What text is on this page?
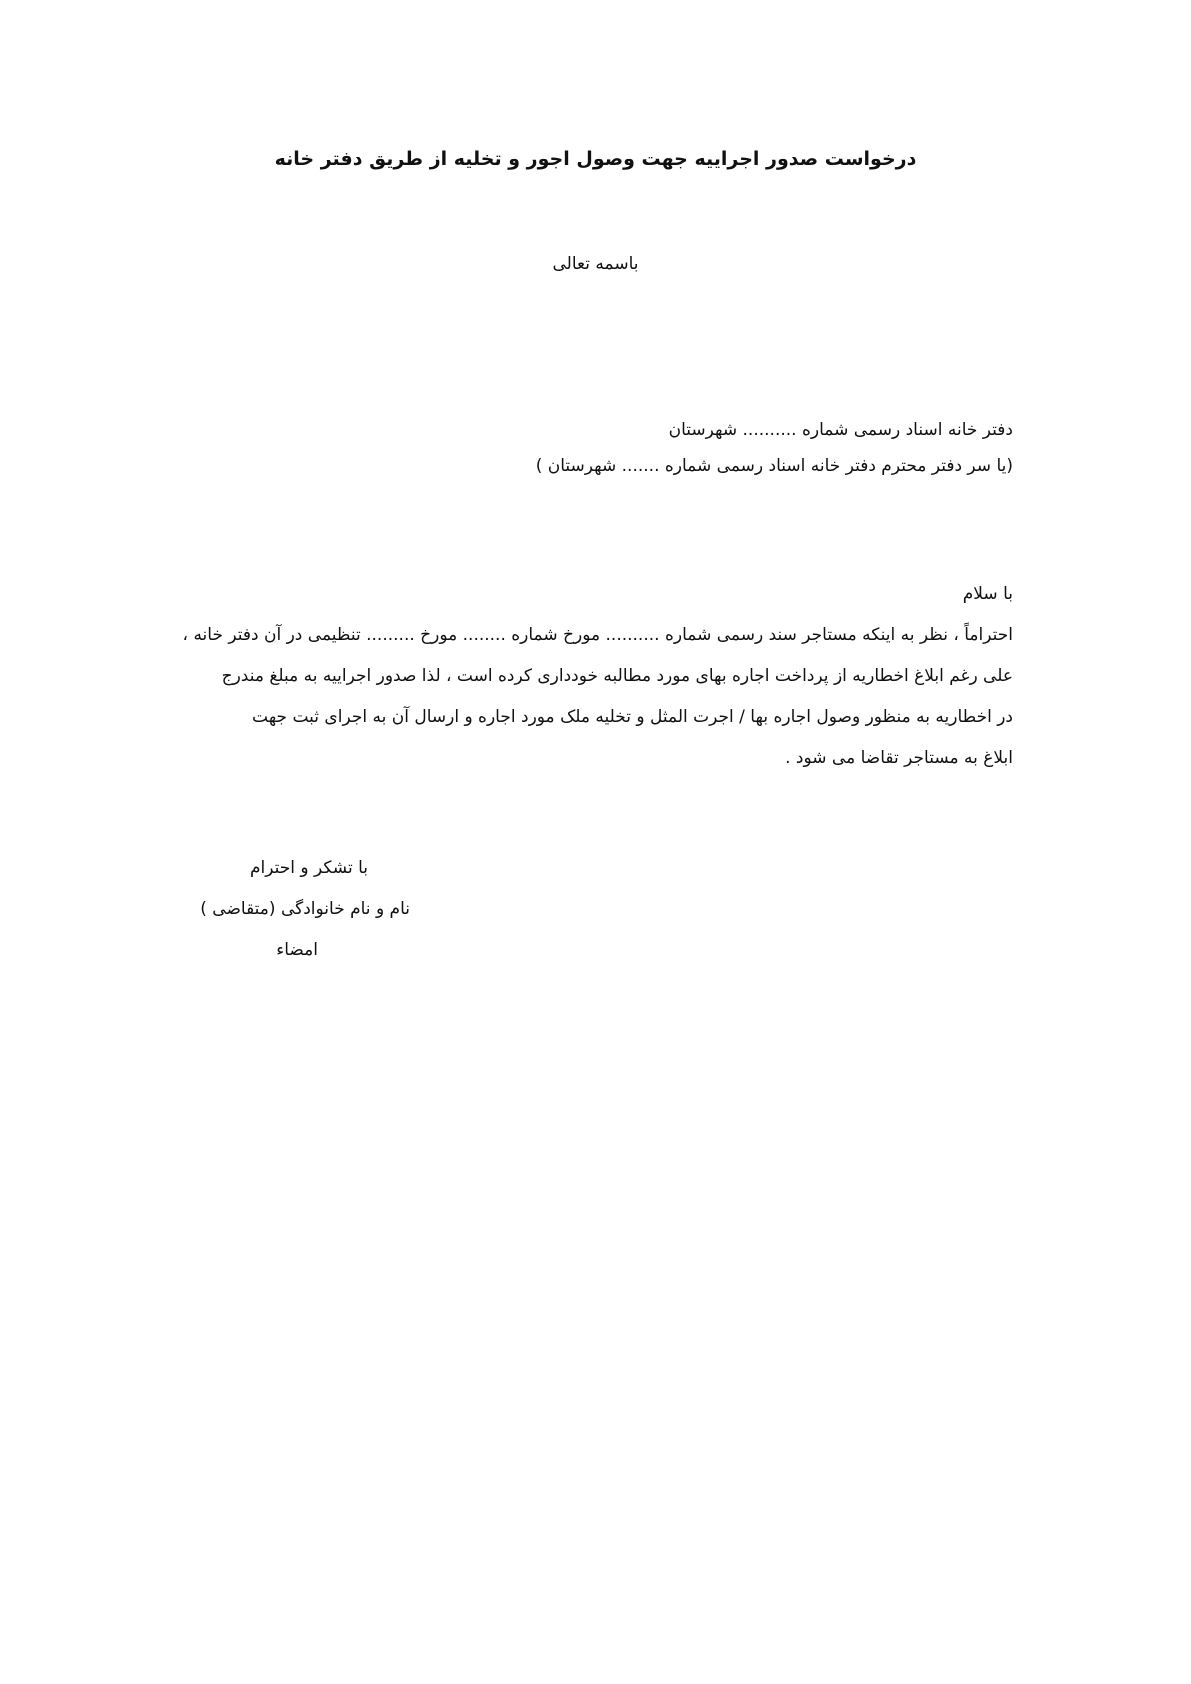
درخواست صدور اجراییه جهت وصول اجور و تخلیه از طریق دفتر خانه
باسمه تعالی
دفتر خانه اسناد رسمی شماره .......... شهرستان
(یا سر دفتر محترم دفتر خانه اسناد رسمی شماره ....... شهرستان )

با سلام

احتراماً ، نظر به اینکه مستاجر سند رسمی شماره .......... مورخ شماره ........ مورخ ......... تنظیمی در آن دفتر خانه ،

علی رغم ابلاغ اخطاریه از پرداخت اجاره بهای مورد مطالبه خودداری کرده است ، لذا صدور اجراییه به مبلغ مندرج

در اخطاریه به منظور وصول اجاره بها / اجرت المثل و تخلیه ملک مورد اجاره و ارسال آن به اجرای ثبت جهت

ابلاغ به مستاجر تقاضا می شود .

با تشکر و احترام
نام و نام خانوادگی (متقاضی )
امضاء
